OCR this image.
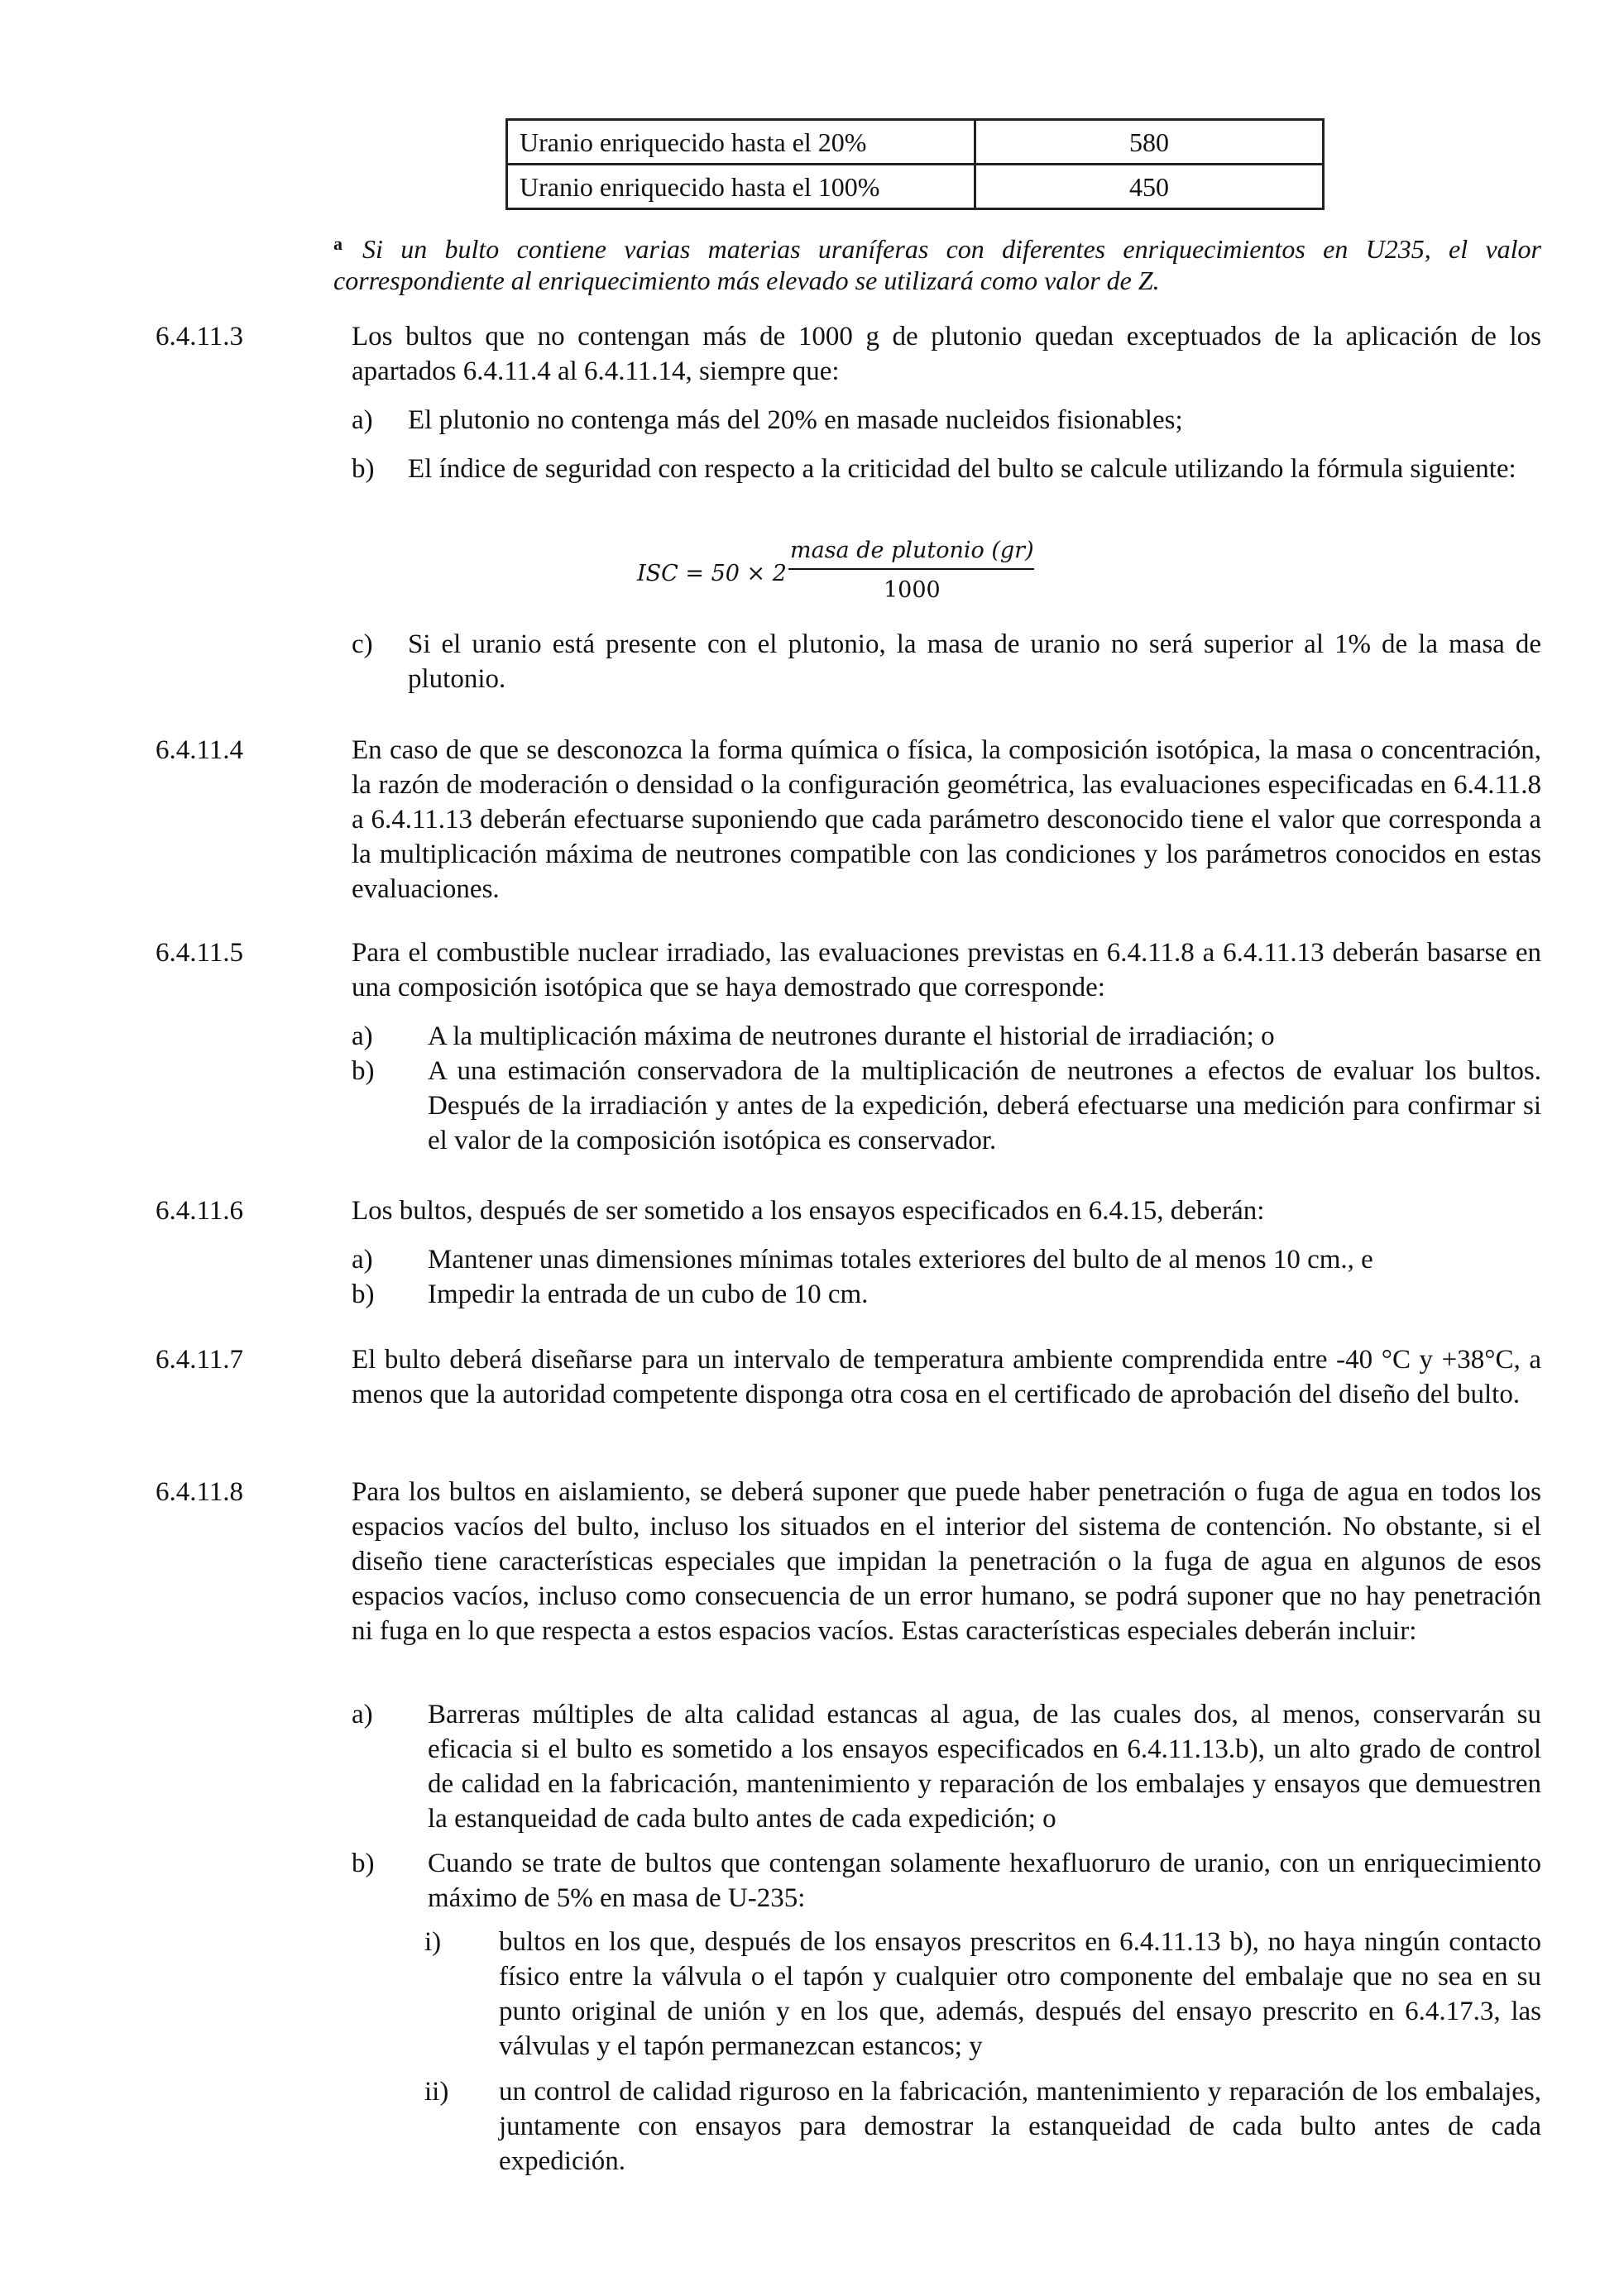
Uranio enriquecido hasta el 20%	580
Uranio enriquecido hasta el 100%	450
$^a$ Si un bulto contiene varias materias uraníferas con diferentes enriquecimientos en U235, el valor correspondiente al enriquecimiento más elevado se utilizará como valor de Z.
6.4.11.3	Los bultos que no contengan más de 1000 g de plutonio quedan exceptuados de la aplicación de los apartados 6.4.11.4 al 6.4.11.14, siempre que:
a) El plutonio no contenga más del 20% en masade nucleidos fisionables;
b) El índice de seguridad con respecto a la criticidad del bulto se calcule utilizando la fórmula siguiente:
ISC = 50 × 2
masa de plutonio (gr)
1000
c) Si el uranio está presente con el plutonio, la masa de uranio no será superior al 1% de la masa de plutonio.
6.4.11.4	En caso de que se desconozca la forma química o física, la composición isotópica, la masa o concentración, la razón de moderación o densidad o la configuración geométrica, las evaluaciones especificadas en 6.4.11.8 a 6.4.11.13 deberán efectuarse suponiendo que cada parámetro desconocido tiene el valor que corresponda a la multiplicación máxima de neutrones compatible con las condiciones y los parámetros conocidos en estas evaluaciones.
6.4.11.5	Para el combustible nuclear irradiado, las evaluaciones previstas en 6.4.11.8 a 6.4.11.13 deberán basarse en una composición isotópica que se haya demostrado que corresponde:
a) A la multiplicación máxima de neutrones durante el historial de irradiación; o
b) A una estimación conservadora de la multiplicación de neutrones a efectos de evaluar los bultos. Después de la irradiación y antes de la expedición, deberá efectuarse una medición para confirmar si el valor de la composición isotópica es conservador.
6.4.11.6	Los bultos, después de ser sometido a los ensayos especificados en 6.4.15, deberán:
a) Mantener unas dimensiones mínimas totales exteriores del bulto de al menos 10 cm., e
b) Impedir la entrada de un cubo de 10 cm.
6.4.11.7	El bulto deberá diseñarse para un intervalo de temperatura ambiente comprendida entre -40 °C y +38°C, a menos que la autoridad competente disponga otra cosa en el certificado de aprobación del diseño del bulto.
6.4.11.8	Para los bultos en aislamiento, se deberá suponer que puede haber penetración o fuga de agua en todos los espacios vacíos del bulto, incluso los situados en el interior del sistema de contención. No obstante, si el diseño tiene características especiales que impidan la penetración o la fuga de agua en algunos de esos espacios vacíos, incluso como consecuencia de un error humano, se podrá suponer que no hay penetración ni fuga en lo que respecta a estos espacios vacíos. Estas características especiales deberán incluir:
a) Barreras múltiples de alta calidad estancas al agua, de las cuales dos, al menos, conservarán su eficacia si el bulto es sometido a los ensayos especificados en 6.4.11.13.b), un alto grado de control de calidad en la fabricación, mantenimiento y reparación de los embalajes y ensayos que demuestren la estanqueidad de cada bulto antes de cada expedición; o
b) Cuando se trate de bultos que contengan solamente hexafluoruro de uranio, con un enriquecimiento máximo de 5% en masa de U-235:
i) bultos en los que, después de los ensayos prescritos en 6.4.11.13 b), no haya ningún contacto físico entre la válvula o el tapón y cualquier otro componente del embalaje que no sea en su punto original de unión y en los que, además, después del ensayo prescrito en 6.4.17.3, las válvulas y el tapón permanezcan estancos; y
ii) un control de calidad riguroso en la fabricación, mantenimiento y reparación de los embalajes, juntamente con ensayos para demostrar la estanqueidad de cada bulto antes de cada expedición.
